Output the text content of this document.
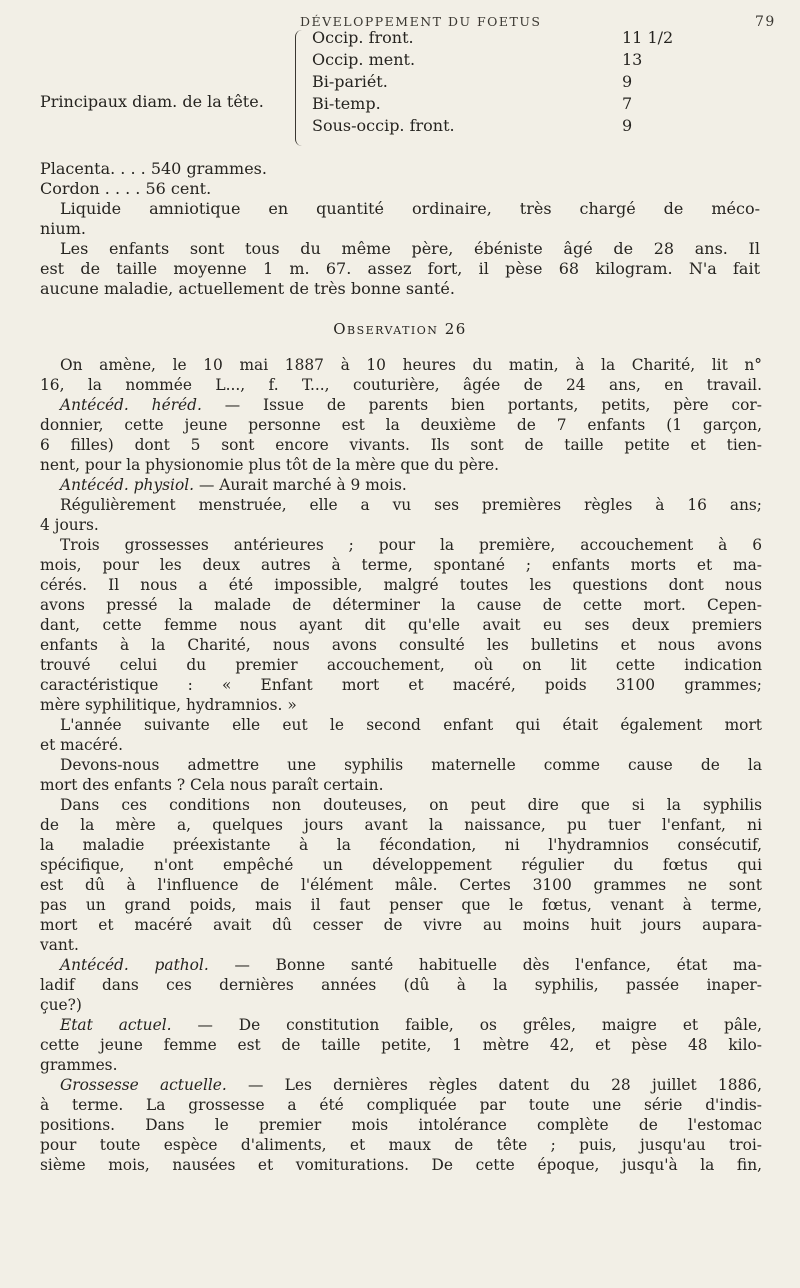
DÉVELOPPEMENT DU FOETUS	79
Principaux diam. de la tête.
Occip. front.	11 1/2
Occip. ment.	13
Bi-pariét.	9
Bi-temp.	7
Sous-occip. front.	9
Placenta. . . . 540 grammes.
Cordon . . . . 56 cent.
Liquide amniotique en quantité ordinaire, très chargé de méco-
nium.
Les enfants sont tous du même père, ébéniste âgé de 28 ans. Il
est de taille moyenne 1 m. 67. assez fort, il pèse 68 kilogram. N'a fait
aucune maladie, actuellement de très bonne santé.
Observation 26
On amène, le 10 mai 1887 à 10 heures du matin, à la Charité, lit n°
16, la nommée L..., f. T..., couturière, âgée de 24 ans, en travail.
Antécéd. héréd. — Issue de parents bien portants, petits, père cor-
donnier, cette jeune personne est la deuxième de 7 enfants (1 garçon,
6 filles) dont 5 sont encore vivants. Ils sont de taille petite et tien-
nent, pour la physionomie plus tôt de la mère que du père.
Antécéd. physiol. — Aurait marché à 9 mois.
Régulièrement menstruée, elle a vu ses premières règles à 16 ans;
4 jours.
Trois grossesses antérieures ; pour la première, accouchement à 6
mois, pour les deux autres à terme, spontané ; enfants morts et ma-
cérés. Il nous a été impossible, malgré toutes les questions dont nous
avons pressé la malade de déterminer la cause de cette mort. Cepen-
dant, cette femme nous ayant dit qu'elle avait eu ses deux premiers
enfants à la Charité, nous avons consulté les bulletins et nous avons
trouvé celui du premier accouchement, où on lit cette indication
caractéristique : « Enfant mort et macéré, poids 3100 grammes;
mère syphilitique, hydramnios. »
L'année suivante elle eut le second enfant qui était également mort
et macéré.
Devons-nous admettre une syphilis maternelle comme cause de la
mort des enfants ? Cela nous paraît certain.
Dans ces conditions non douteuses, on peut dire que si la syphilis
de la mère a, quelques jours avant la naissance, pu tuer l'enfant, ni
la maladie préexistante à la fécondation, ni l'hydramnios consécutif,
spécifique, n'ont empêché un développement régulier du fœtus qui
est dû à l'influence de l'élément mâle. Certes 3100 grammes ne sont
pas un grand poids, mais il faut penser que le fœtus, venant à terme,
mort et macéré avait dû cesser de vivre au moins huit jours aupara-
vant.
Antécéd. pathol. — Bonne santé habituelle dès l'enfance, état ma-
ladif dans ces dernières années (dû à la syphilis, passée inaper-
çue?)
Etat actuel. — De constitution faible, os grêles, maigre et pâle,
cette jeune femme est de taille petite, 1 mètre 42, et pèse 48 kilo-
grammes.
Grossesse actuelle. — Les dernières règles datent du 28 juillet 1886,
à terme. La grossesse a été compliquée par toute une série d'indis-
positions. Dans le premier mois intolérance complète de l'estomac
pour toute espèce d'aliments, et maux de tête ; puis, jusqu'au troi-
sième mois, nausées et vomiturations. De cette époque, jusqu'à la fin,
